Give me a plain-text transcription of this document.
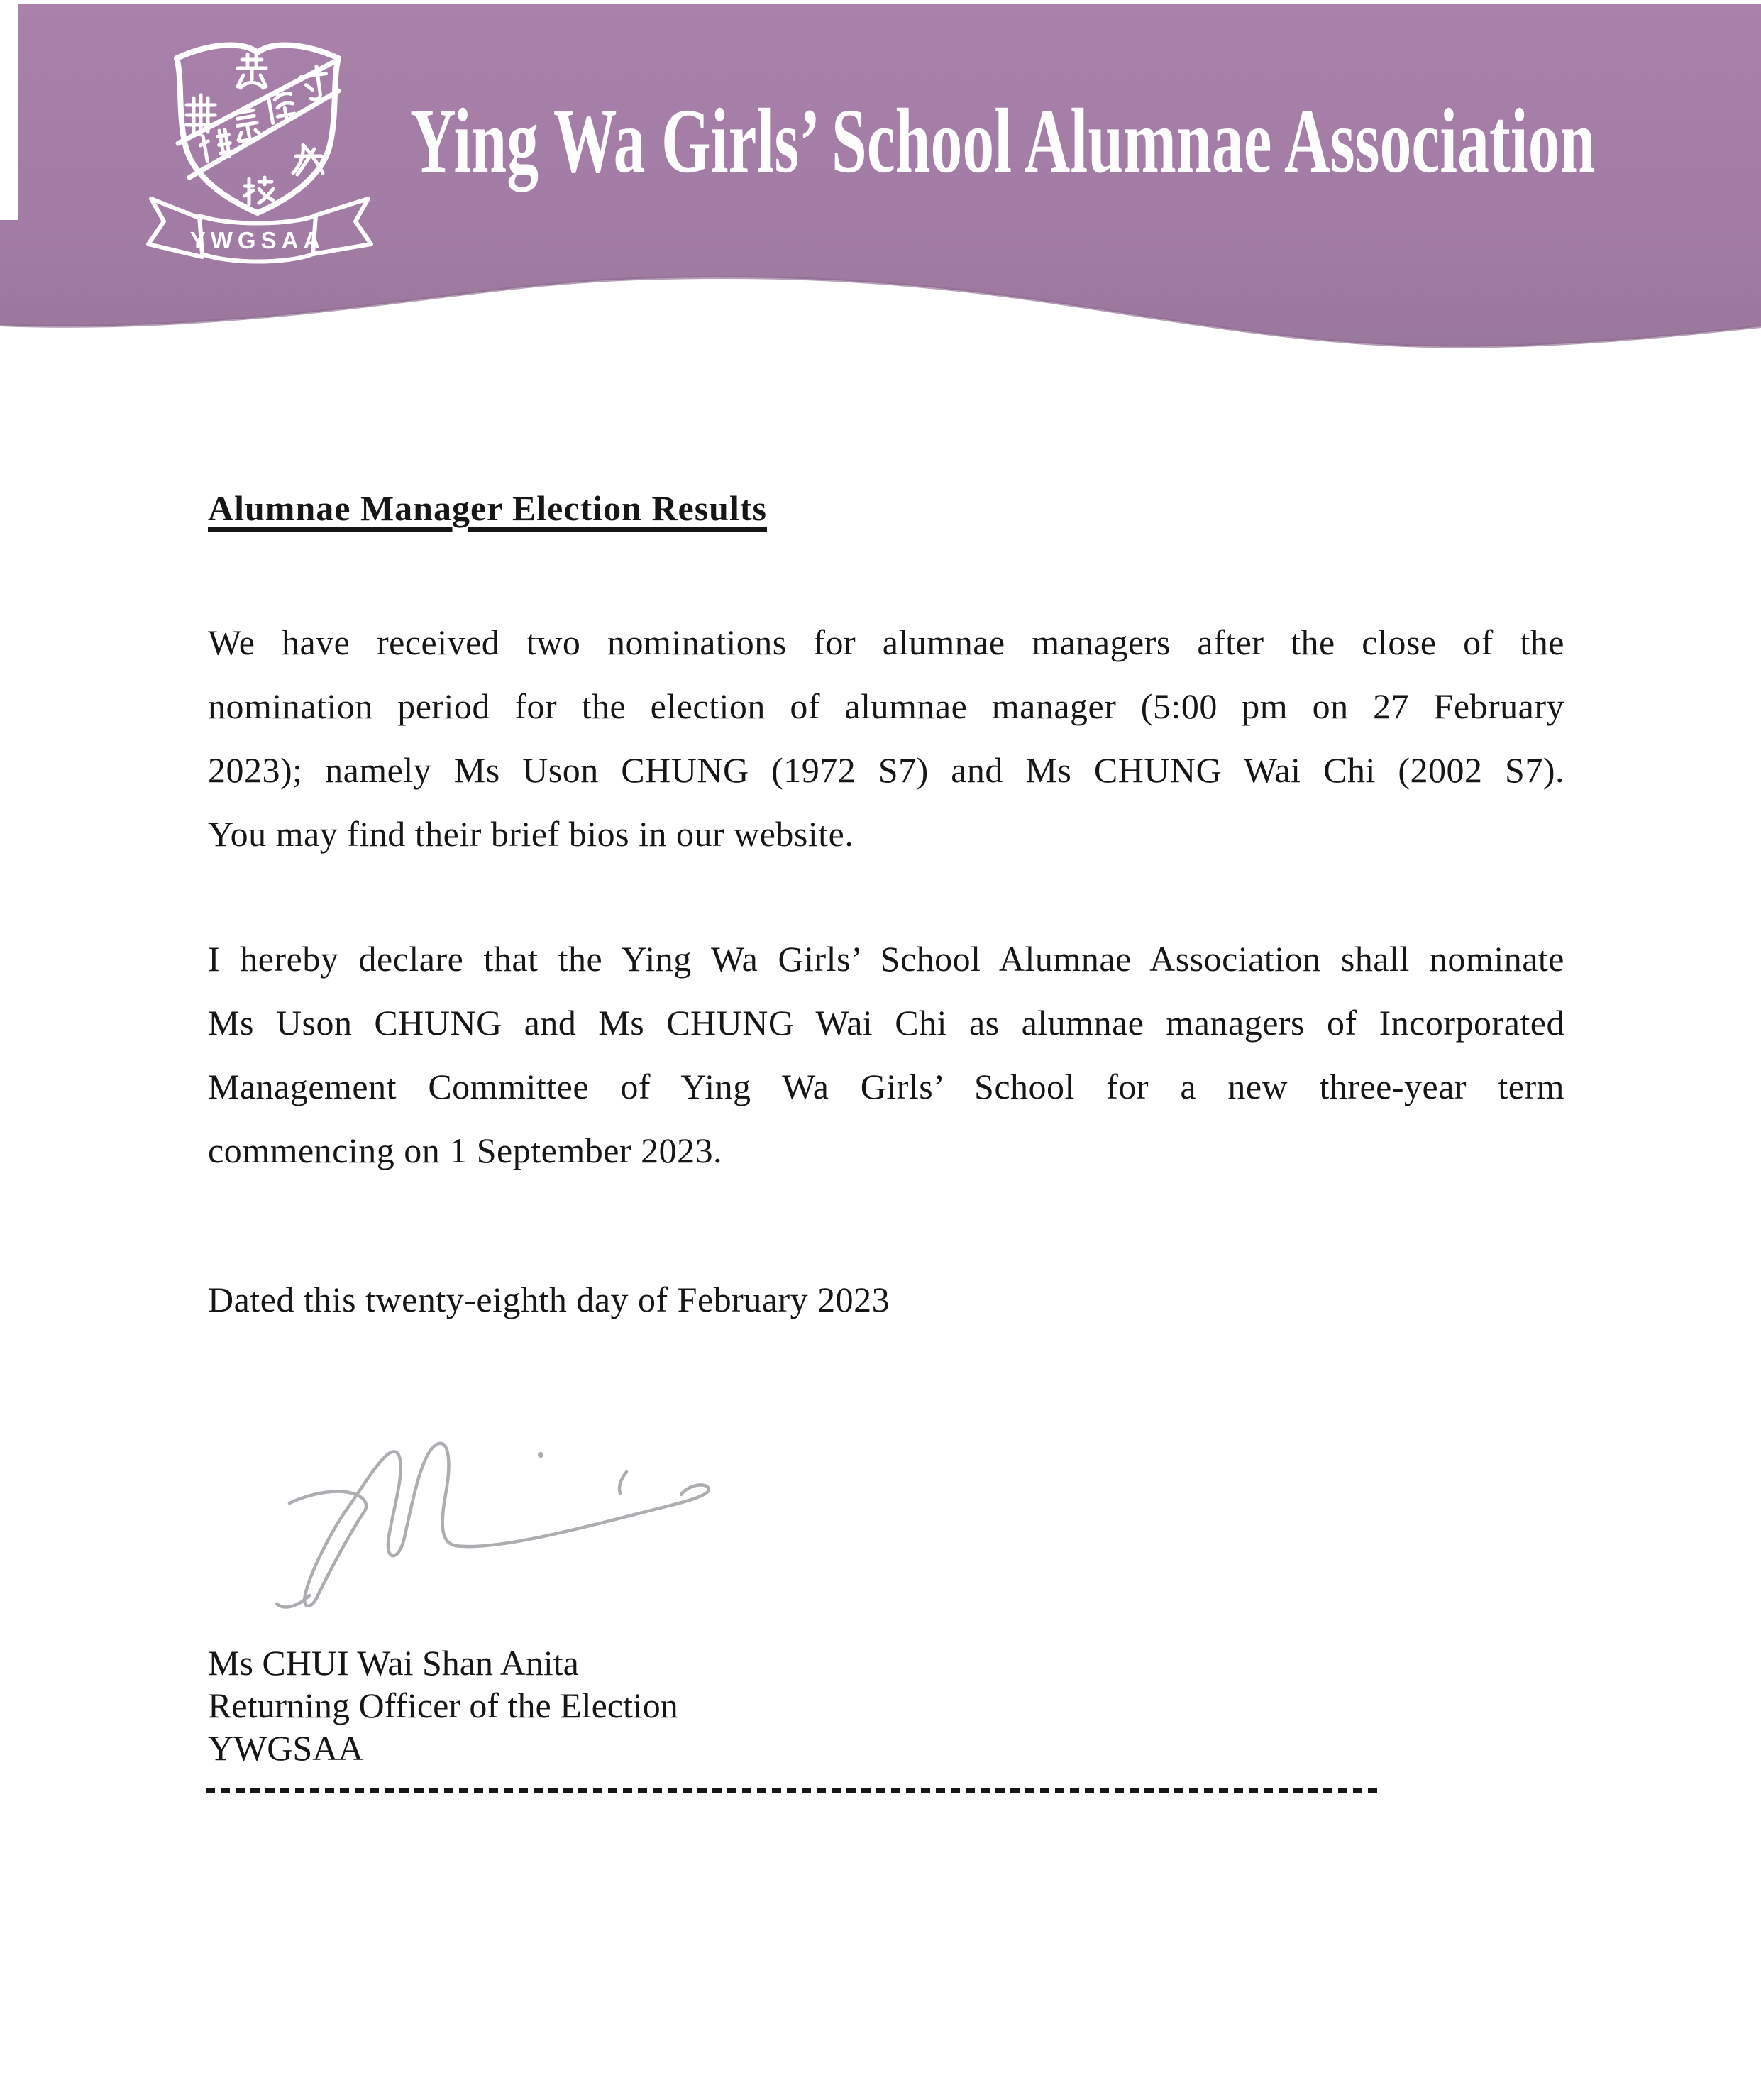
YWGSAA
Ying Wa Girls’ School Alumnae Association
Alumnae Manager Election Results
We have received two nominations for alumnae managers after the close of the
nomination period for the election of alumnae manager (5:00 pm on 27 February
2023); namely Ms Uson CHUNG (1972 S7) and Ms CHUNG Wai Chi (2002 S7).
You may find their brief bios in our website.
I hereby declare that the Ying Wa Girls’ School Alumnae Association shall nominate
Ms Uson CHUNG and Ms CHUNG Wai Chi as alumnae managers of Incorporated
Management Committee of Ying Wa Girls’ School for a new three-year term
commencing on 1 September 2023.
Dated this twenty-eighth day of February 2023
Ms CHUI Wai Shan Anita
Returning Officer of the Election
YWGSAA
